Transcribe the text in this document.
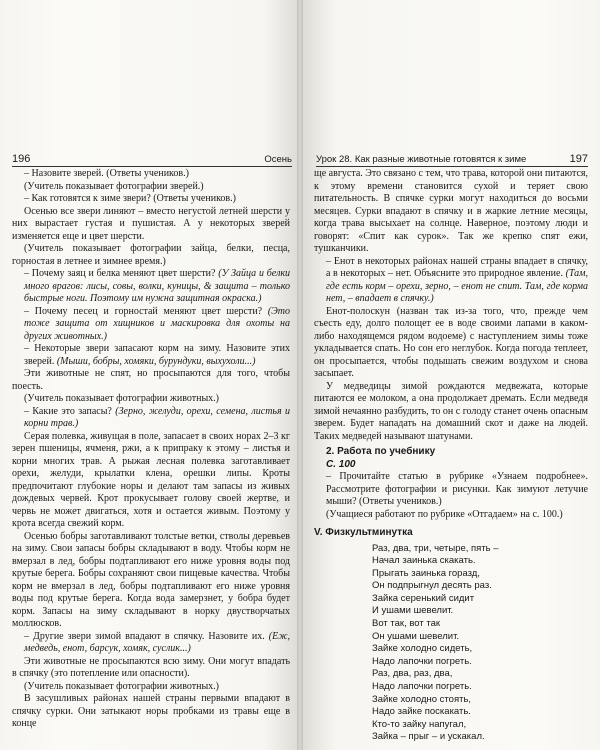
196	Осень

– Назовите зверей. (Ответы учеников.)

(Учитель показывает фотографии зверей.)

– Как готовятся к зиме звери? (Ответы учеников.)

Осенью все звери линяют – вместо негустой летней шерсти у них вырастает густая и пушистая. А у некоторых зверей изменяется еще и цвет шерсти.

(Учитель показывает фотографии зайца, белки, песца, горностая в летнее и зимнее время.)

– Почему заяц и белка меняют цвет шерсти? (У Зайца и белки много врагов: лисы, совы, волки, куницы, & защита – только быстрые ноги. Поэтому им нужна защитная окраска.)

– Почему песец и горностай меняют цвет шерсти? (Это тоже защита от хищников и маскировка для охоты на других животных.)

– Некоторые звери запасают корм на зиму. Назовите этих зверей. (Мыши, бобры, хомяки, бурундуки, выхухоли...)

Эти животные не спят, но просыпаются для того, чтобы поесть.

(Учитель показывает фотографии животных.)

– Какие это запасы? (Зерно, желуди, орехи, семена, листья и корни трав.)

Серая полевка, живущая в поле, запасает в своих норах 2–3 кг зерен пшеницы, ячменя, ржи, а к припраку к этому – листья и корни многих трав. А рыжая лесная полевка заготавливает орехи, желуди, крылатки клена, орешки липы. Кроты предпочитают глубокие норы и делают там запасы из живых дождевых червей. Крот прокусывает голову своей жертве, и червь не может двигаться, хотя и остается живым. Поэтому у крота всегда свежий корм.

Осенью бобры заготавливают толстые ветки, стволы деревьев на зиму. Свои запасы бобры складывают в воду. Чтобы корм не вмерзал в лед, бобры подтапливают его ниже уровня воды под крутые берега. Бобры сохраняют свои пищевые качества. Чтобы корм не вмерзал в лед, бобры подтапливают его ниже уровня воды под крутые берега. Когда вода замерзнет, у бобра будет корм. Запасы на зиму складывают в норку двустворчатых моллюсков.

– Другие звери зимой впадают в спячку. Назовите их. (Еж, медведь, енот, барсук, хомяк, суслик...)

Эти животные не просыпаются всю зиму. Они могут впадать в спячку (это потепление или опасности).

(Учитель показывает фотографии животных.)

В засушливых районах нашей страны первыми впадают в спячку сурки. Они затыкают норы пробками из травы еще в конце

Урок 28. Как разные животные готовятся к зиме	197

ще августа. Это связано с тем, что трава, которой они питаются, к этому времени становится сухой и теряет свою питательность. В спячке сурки могут находиться до восьми месяцев. Сурки впадают в спячку и в жаркие летние месяцы, когда трава высыхает на солнце. Наверное, поэтому люди и говорят: «Спит как сурок». Так же крепко спят ежи, тушканчики.

– Енот в некоторых районах нашей страны впадает в спячку, а в некоторых – нет. Объясните это природное явление. (Там, где есть корм – орехи, зерно, – енот не спит. Там, где корма нет, – впадает в спячку.)

Енот-полоскун (назван так из-за того, что, прежде чем съесть еду, долго полощет ее в воде своими лапами в каком-либо находящемся рядом водоеме) с наступлением зимы тоже укладывается спать. Но сон его неглубок. Когда погода теплеет, он просыпается, чтобы подышать свежим воздухом и снова засыпает.

У медведицы зимой рождаются медвежата, которые питаются ее молоком, а она продолжает дремать. Если медведя зимой нечаянно разбудить, то он с голоду станет очень опасным зверем. Будет нападать на домашний скот и даже на людей. Таких медведей называют шатунами.

2. Работа по учебнику
С. 100

– Прочитайте статью в рубрике «Узнаем подробнее». Рассмотрите фотографии и рисунки. Как зимуют летучие мыши? (Ответы учеников.)

(Учащиеся работают по рубрике «Отгадаем» на с. 100.)

V. Физкультминутка
Раз, два, три, четыре, пять –
Начал заинька скакать.
Прыгать заинька горазд,
Он подпрыгнул десять раз.
Зайка серенький сидит
И ушами шевелит.
Вот так, вот так
Он ушами шевелит.
Зайке холодно сидеть,
Надо лапочки погреть.
Раз, два, раз, два,
Надо лапочки погреть.
Зайке холодно стоять,
Надо зайке поскакать.
Кто-то зайку напугал,
Зайка – прыг – и ускакал.
